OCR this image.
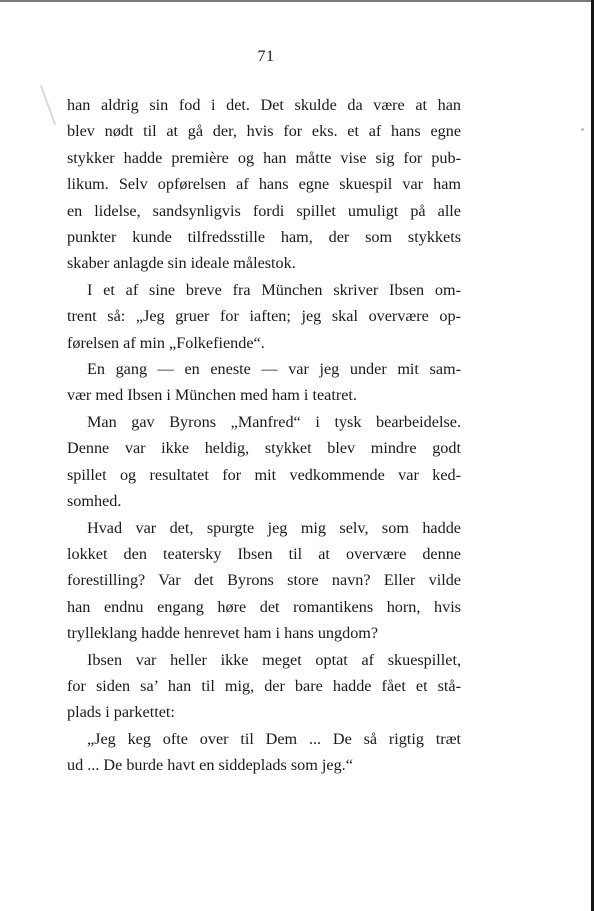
71
han aldrig sin fod i det. Det skulde da være at han
blev nødt til at gå der, hvis for eks. et af hans egne
stykker hadde première og han måtte vise sig for pub-
likum. Selv opførelsen af hans egne skuespil var ham
en lidelse, sandsynligvis fordi spillet umuligt på alle
punkter kunde tilfredsstille ham, der som stykkets
skaber anlagde sin ideale målestok.
I et af sine breve fra München skriver Ibsen om-
trent så: „Jeg gruer for iaften; jeg skal overvære op-
førelsen af min „Folkefiende“.
En gang — en eneste — var jeg under mit sam-
vær med Ibsen i München med ham i teatret.
Man gav Byrons „Manfred“ i tysk bearbeidelse.
Denne var ikke heldig, stykket blev mindre godt
spillet og resultatet for mit vedkommende var ked-
somhed.
Hvad var det, spurgte jeg mig selv, som hadde
lokket den teatersky Ibsen til at overvære denne
forestilling? Var det Byrons store navn? Eller vilde
han endnu engang høre det romantikens horn, hvis
trylleklang hadde henrevet ham i hans ungdom?
Ibsen var heller ikke meget optat af skuespillet,
for siden sa’ han til mig, der bare hadde fået et stå-
plads i parkettet:
„Jeg keg ofte over til Dem ... De så rigtig træt
ud ... De burde havt en siddeplads som jeg.“
